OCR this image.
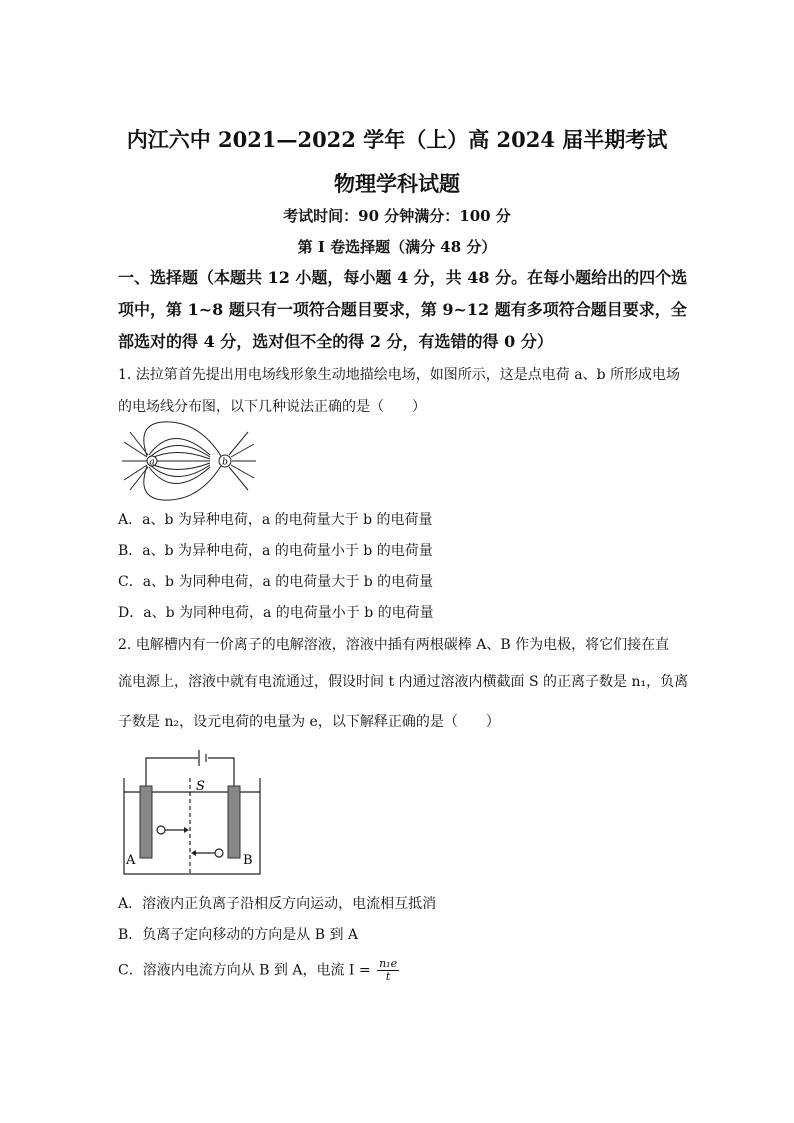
内江六中 2021—2022 学年（上）高 2024 届半期考试
物理学科试题
考试时间：90 分钟满分：100 分
第 I 卷选择题（满分 48 分）
一、选择题（本题共 12 小题，每小题 4 分，共 48 分。在每小题给出的四个选项中，第 1~8 题只有一项符合题目要求，第 9~12 题有多项符合题目要求，全部选对的得 4 分，选对但不全的得 2 分，有选错的得 0 分）
1. 法拉第首先提出用电场线形象生动地描绘电场，如图所示，这是点电荷 a、b 所形成电场
的电场线分布图，以下几种说法正确的是（　　）
a	b
A．a、b 为异种电荷，a 的电荷量大于 b 的电荷量
B．a、b 为异种电荷，a 的电荷量小于 b 的电荷量
C．a、b 为同种电荷，a 的电荷量大于 b 的电荷量
D．a、b 为同种电荷，a 的电荷量小于 b 的电荷量
2. 电解槽内有一价离子的电解溶液，溶液中插有两根碳棒 A、B 作为电极，将它们接在直
流电源上，溶液中就有电流通过，假设时间 t 内通过溶液内横截面 S 的正离子数是 n₁，负离
子数是 n₂，设元电荷的电量为 e，以下解释正确的是（　　）
S
A	B
A．溶液内正负离子沿相反方向运动，电流相互抵消
B．负离子定向移动的方向是从 B 到 A
C．溶液内电流方向从 B 到 A，电流 $I = \frac{\text{n₁e}}{t}$
